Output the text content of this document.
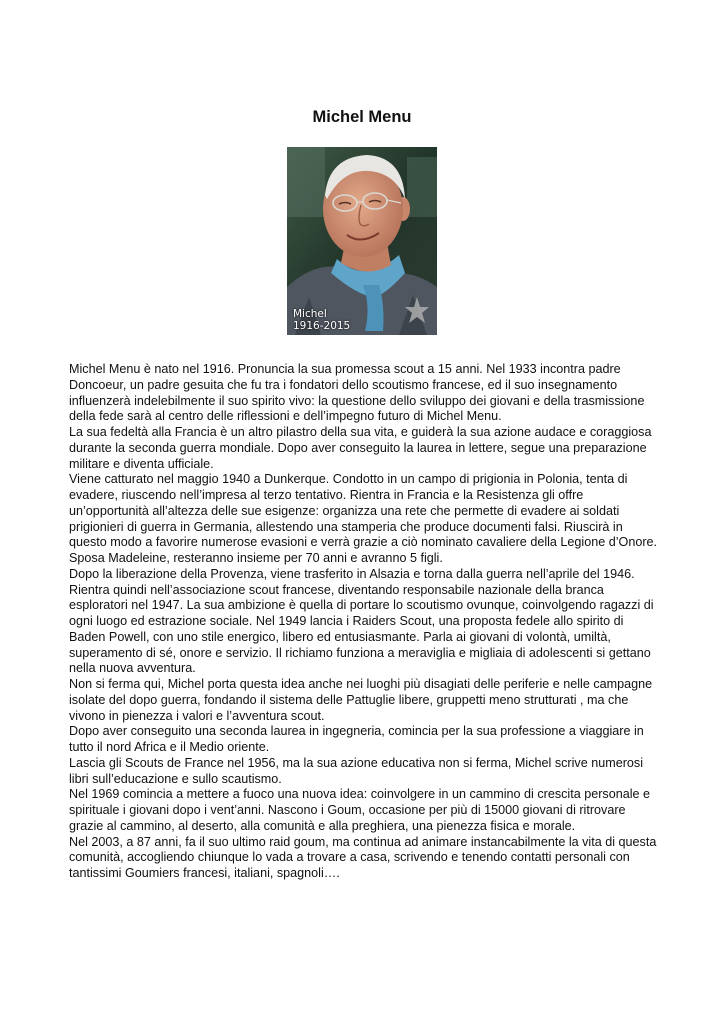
Michel Menu
Michel
1916-2015

Michel Menu è nato nel 1916. Pronuncia la sua promessa scout a 15 anni. Nel 1933 incontra padre Doncoeur, un padre gesuita che fu tra i fondatori dello scoutismo francese, ed il suo insegnamento influenzerà indelebilmente il suo spirito vivo: la questione dello sviluppo dei giovani e della trasmissione della fede sarà al centro delle riflessioni e dell’impegno futuro di Michel Menu.

La sua fedeltà alla Francia è un altro pilastro della sua vita, e guiderà la sua azione audace e coraggiosa durante la seconda guerra mondiale. Dopo aver conseguito la laurea in lettere, segue una preparazione militare e diventa ufficiale.

Viene catturato nel maggio 1940 a Dunkerque. Condotto in un campo di prigionia in Polonia, tenta di evadere, riuscendo nell’impresa al terzo tentativo. Rientra in Francia e la Resistenza gli offre un’opportunità all’altezza delle sue esigenze: organizza una rete che permette di evadere ai soldati prigionieri di guerra in Germania, allestendo una stamperia che produce documenti falsi. Riuscirà in questo modo a favorire numerose evasioni e verrà grazie a ciò nominato cavaliere della Legione d’Onore. Sposa Madeleine, resteranno insieme per 70 anni e avranno 5 figli.

Dopo la liberazione della Provenza, viene trasferito in Alsazia e torna dalla guerra nell’aprile del 1946. Rientra quindi nell’associazione scout francese, diventando responsabile nazionale della branca esploratori nel 1947. La sua ambizione è quella di portare lo scoutismo ovunque, coinvolgendo ragazzi di ogni luogo ed estrazione sociale. Nel 1949 lancia i Raiders Scout, una proposta fedele allo spirito di Baden Powell, con uno stile energico, libero ed entusiasmante. Parla ai giovani di volontà, umiltà, superamento di sé, onore e servizio. Il richiamo funziona a meraviglia e migliaia di adolescenti si gettano nella nuova avventura.

Non si ferma qui, Michel porta questa idea anche nei luoghi più disagiati delle periferie e nelle campagne isolate del dopo guerra, fondando il sistema delle Pattuglie libere, gruppetti meno strutturati , ma che vivono in pienezza i valori e l’avventura scout.

Dopo aver conseguito una seconda laurea in ingegneria, comincia per la sua professione a viaggiare in tutto il nord Africa e il Medio oriente.

Lascia gli Scouts de France nel 1956, ma la sua azione educativa non si ferma, Michel scrive numerosi libri sull’educazione e sullo scautismo.

Nel 1969 comincia a mettere a fuoco una nuova idea: coinvolgere in un cammino di crescita personale e spirituale i giovani dopo i vent’anni. Nascono i Goum, occasione per più di 15000 giovani di ritrovare grazie al cammino, al deserto, alla comunità e alla preghiera, una pienezza fisica e morale.

Nel 2003, a 87 anni, fa il suo ultimo raid goum, ma continua ad animare instancabilmente la vita di questa comunità, accogliendo chiunque lo vada a trovare a casa, scrivendo e tenendo contatti personali con tantissimi Goumiers francesi, italiani, spagnoli….
